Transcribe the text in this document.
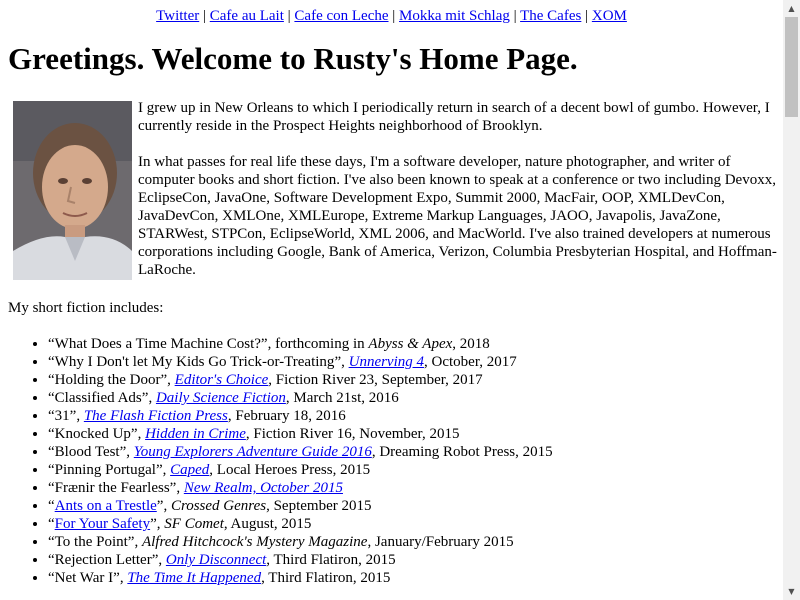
Twitter | Cafe au Lait | Cafe con Leche | Mokka mit Schlag | The Cafes | XOM
Greetings. Welcome to Rusty's Home Page.

I grew up in New Orleans to which I periodically return in search of a decent bowl of gumbo. However, I currently reside in the Prospect Heights neighborhood of Brooklyn.

In what passes for real life these days, I'm a software developer, nature photographer, and writer of computer books and short fiction. I've also been known to speak at a conference or two including Devoxx, EclipseCon, JavaOne, Software Development Expo, Summit 2000, MacFair, OOP, XMLDevCon, JavaDevCon, XMLOne, XMLEurope, Extreme Markup Languages, JAOO, Javapolis, JavaZone, STARWest, STPCon, EclipseWorld, XML 2006, and MacWorld. I've also trained developers at numerous corporations including Google, Bank of America, Verizon, Columbia Presbyterian Hospital, and Hoffman-LaRoche.

My short fiction includes:

• “What Does a Time Machine Cost?”, forthcoming in Abyss & Apex, 2018
• “Why I Don't let My Kids Go Trick-or-Treating”, Unnerving 4, October, 2017
• “Holding the Door”, Editor's Choice, Fiction River 23, September, 2017
• “Classified Ads”, Daily Science Fiction, March 21st, 2016
• “31”, The Flash Fiction Press, February 18, 2016
• “Knocked Up”, Hidden in Crime, Fiction River 16, November, 2015
• “Blood Test”, Young Explorers Adventure Guide 2016, Dreaming Robot Press, 2015
• “Pinning Portugal”, Caped, Local Heroes Press, 2015
• “Frænir the Fearless”, New Realm, October 2015
• “Ants on a Trestle”, Crossed Genres, September 2015
• “For Your Safety”, SF Comet, August, 2015
• “To the Point”, Alfred Hitchcock's Mystery Magazine, January/February 2015
• “Rejection Letter”, Only Disconnect, Third Flatiron, 2015
• “Net War I”, The Time It Happened, Third Flatiron, 2015
▲
▼
